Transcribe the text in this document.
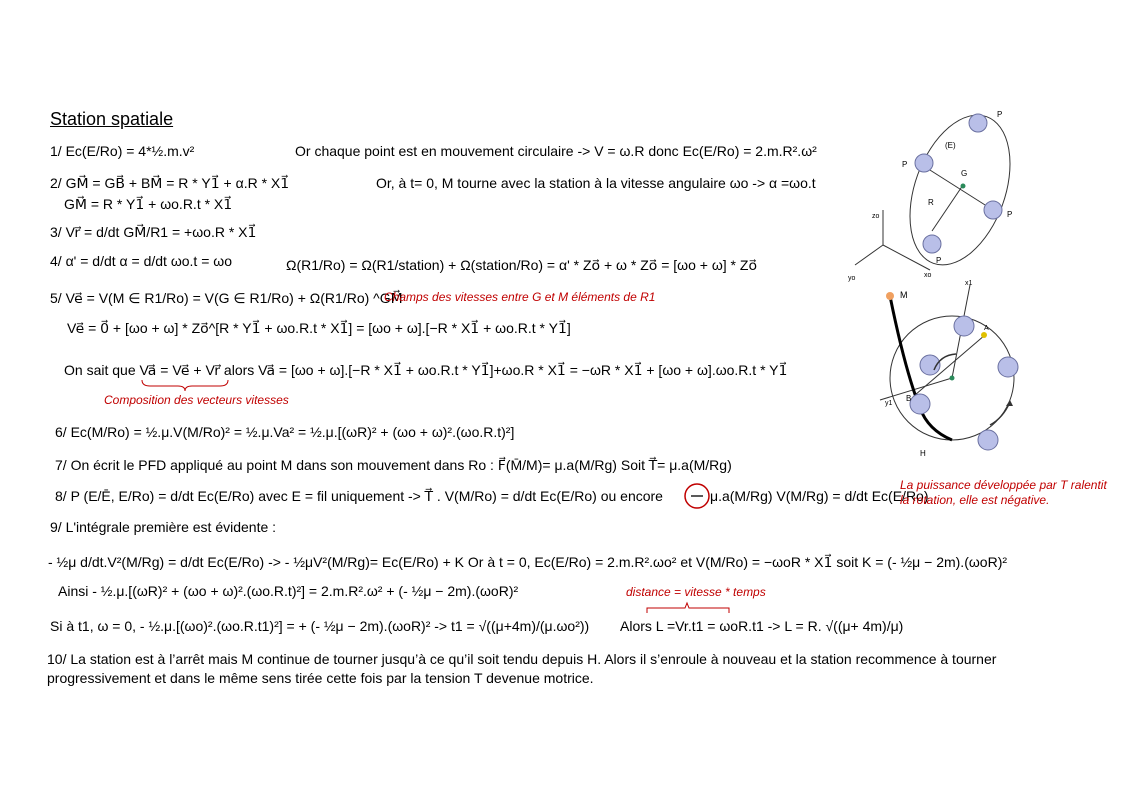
Station spatiale
1/ Ec(E/Ro) = 4*½.m.v²	Or chaque point est en mouvement circulaire -> V = ω.R donc Ec(E/Ro) = 2.m.R².ω²
2/ GM⃗ = GB⃗ + BM⃗ = R * Y1⃗ + α.R * X1⃗	Or, à t= 0, M tourne avec la station à la vitesse angulaire ωo -> α =ωo.t
GM⃗ = R * Y1⃗ + ωo.R.t * X1⃗
3/ Vr⃗ = d/dt GM⃗/R1 = +ωo.R * X1⃗
4/ α' = d/dt α = d/dt ωo.t = ωo	Ω(R1/Ro) = Ω(R1/station) + Ω(station/Ro) = α' * Zo⃗ + ω * Zo⃗ = [ωo + ω] * Zo⃗
5/ Ve⃗ = V(M ∈ R1/Ro) = V(G ∈ R1/Ro) + Ω(R1/Ro) ^GM⃗
Champs des vitesses entre G et M éléments de R1
Ve⃗ = 0⃗ + [ωo + ω] * Zo⃗^[R * Y1⃗ + ωo.R.t * X1⃗] = [ωo + ω].[−R * X1⃗ + ωo.R.t * Y1⃗]
On sait que Va⃗ = Ve⃗ + Vr⃗ alors Va⃗ = [ωo + ω].[−R * X1⃗ + ωo.R.t * Y1⃗]+ωo.R * X1⃗ = −ωR * X1⃗ + [ωo + ω].ωo.R.t * Y1⃗
Composition des vecteurs vitesses
6/ Ec(M/Ro) = ½.μ.V(M/Ro)² = ½.μ.Va² = ½.μ.[(ωR)² + (ωo + ω)².(ωo.R.t)²]
7/ On écrit le PFD appliqué au point M dans son mouvement dans Ro : F⃗(M̄/M)= μ.a(M/Rg) Soit T⃗= μ.a(M/Rg)
8/ P (E/Ē, E/Ro) = d/dt Ec(E/Ro) avec E = fil uniquement -> T⃗ . V(M/Ro) = d/dt Ec(E/Ro) ou encore	μ.a(M/Rg) V(M/Rg) = d/dt Ec(E/Ro)
La puissance développée par T ralentit la rotation, elle est négative.
9/ L'intégrale première est évidente :
- ½μ d/dt.V²(M/Rg) = d/dt Ec(E/Ro) -> - ½μV²(M/Rg)= Ec(E/Ro) + K Or à t = 0, Ec(E/Ro) = 2.m.R².ωo² et V(M/Ro) = −ωoR * X1⃗ soit K = (- ½μ − 2m).(ωoR)²
Ainsi - ½.μ.[(ωR)² + (ωo + ω)².(ωo.R.t)²] = 2.m.R².ω² + (- ½μ − 2m).(ωoR)²	distance = vitesse * temps
Si à t1, ω = 0, - ½.μ.[(ωo)².(ωo.R.t1)²] = + (- ½μ − 2m).(ωoR)² -> t1 = √((μ+4m)/(μ.ωo²)) Alors L =Vr.t1 = ωoR.t1 -> L = R. √((μ+ 4m)/μ)
10/ La station est à l’arrêt mais M continue de tourner jusqu’à ce qu’il soit tendu depuis H. Alors il s’enroule à nouveau et la station recommence à tourner progressivement et dans le même sens tirée cette fois par la tension T devenue motrice.
P
(E)
P
G
R
P
P
zo
yo	xo
M
x1
y1
B
H
A
